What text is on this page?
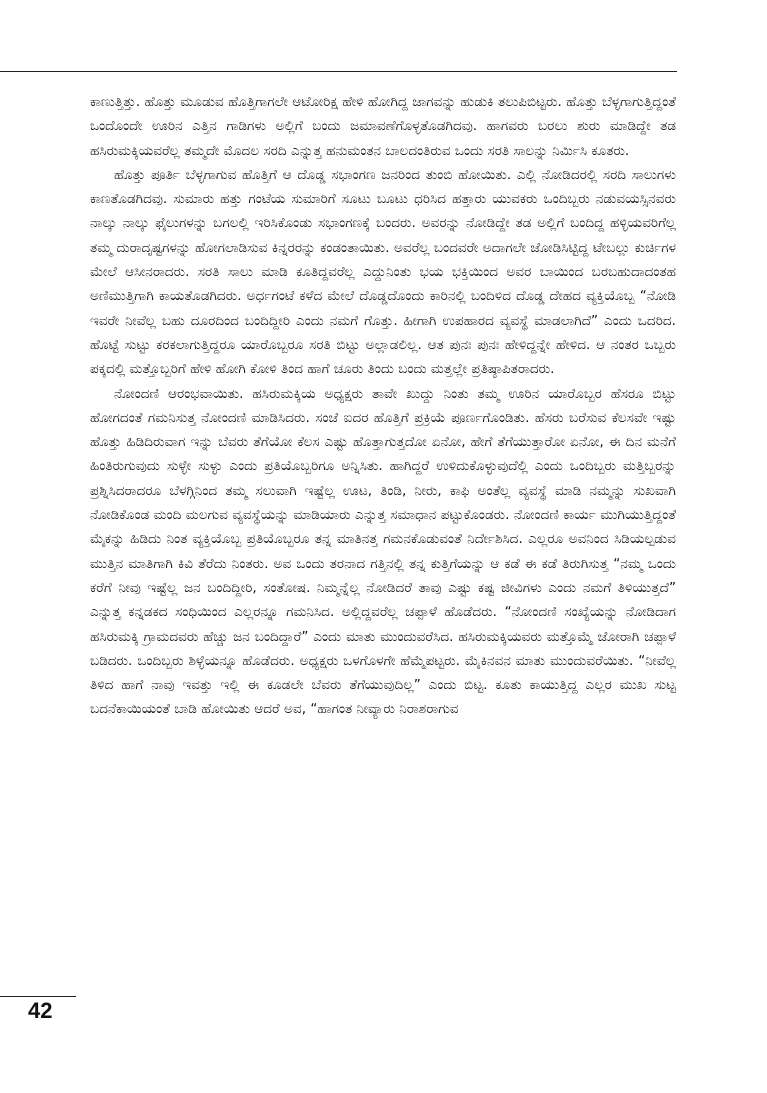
ಕಾಣುತ್ತಿತ್ತು. ಹೊತ್ತು ಮೂಡುವ ಹೊತ್ತಿಗಾಗಲೇ ಆಟೋರಿಕ್ಷ ಹೇಳಿ ಹೋಗಿದ್ದ ಜಾಗವನ್ನು ಹುಡುಕಿ ತಲುಪಿಬಿಟ್ಟರು. ಹೊತ್ತು ಬೆಳ್ಳಗಾಗುತ್ತಿದ್ದಂತೆ ಒಂದೊಂದೇ ಊರಿನ ಎತ್ತಿನ ಗಾಡಿಗಳು ಅಲ್ಲಿಗೆ ಬಂದು ಜಮಾವಣೆಗೊಳ್ಳತೊಡಗಿದವು. ಹಾಗವರು ಬರಲು ಶುರು ಮಾಡಿದ್ದೇ ತಡ ಹಸಿರುಮಕ್ಕಿಯವರೆಲ್ಲ ತಮ್ಮದೇ ಮೊದಲ ಸರದಿ ಎನ್ನುತ್ತ ಹನುಮಂತನ ಬಾಲದಂತಿರುವ ಒಂದು ಸರತಿ ಸಾಲನ್ನು ನಿರ್ಮಿಸಿ ಕೂತರು.

ಹೊತ್ತು ಪೂರ್ತಿ ಬೆಳ್ಳಗಾಗುವ ಹೊತ್ತಿಗೆ ಆ ದೊಡ್ಡ ಸಭಾಂಗಣ ಜನರಿಂದ ತುಂಬಿ ಹೋಯಿತು. ಎಲ್ಲಿ ನೋಡಿದರಲ್ಲಿ ಸರದಿ ಸಾಲುಗಳು ಕಾಣತೊಡಗಿದವು. ಸುಮಾರು ಹತ್ತು ಗಂಟೆಯ ಸುಮಾರಿಗೆ ಸೂಟು ಬೂಟು ಧರಿಸಿದ ಹತ್ತಾರು ಯುವಕರು ಒಂದಿಬ್ಬರು ನಡುವಯಸ್ಸಿನವರು ನಾಲ್ಕು ನಾಲ್ಕು ಫೈಲುಗಳನ್ನು ಬಗಲಲ್ಲಿ ಇರಿಸಿಕೊಂಡು ಸಭಾಂಗಣಕ್ಕೆ ಬಂದರು. ಅವರನ್ನು ನೋಡಿದ್ದೇ ತಡ ಅಲ್ಲಿಗೆ ಬಂದಿದ್ದ ಹಳ್ಳಿಯವರಿಗೆಲ್ಲ ತಮ್ಮ ದುರಾದೃಷ್ಟಗಳನ್ನು ಹೋಗಲಾಡಿಸುವ ಕಿನ್ನರರನ್ನು ಕಂಡಂತಾಯಿತು. ಅವರೆಲ್ಲ ಬಂದವರೇ ಅದಾಗಲೇ ಜೋಡಿಸಿಟ್ಟಿದ್ದ ಟೇಬಲ್ಲು ಕುರ್ಚಿಗಳ ಮೇಲೆ ಆಸೀನರಾದರು. ಸರತಿ ಸಾಲು ಮಾಡಿ ಕೂತಿದ್ದವರೆಲ್ಲ ಎದ್ದುನಿಂತು ಭಯ ಭಕ್ತಿಯಿಂದ ಅವರ ಬಾಯಿಂದ ಬರಬಹುದಾದಂತಹ ಅಣಿಮುತ್ತಿಗಾಗಿ ಕಾಯತೊಡಗಿದರು. ಅರ್ಧಗಂಟೆ ಕಳೆದ ಮೇಲೆ ದೊಡ್ಡದೊಂದು ಕಾರಿನಲ್ಲಿ ಬಂದಿಳಿದ ದೊಡ್ಡ ದೇಹದ ವ್ಯಕ್ತಿಯೊಬ್ಬ “ನೋಡಿ ಇವರೇ ನೀವೆಲ್ಲ ಬಹು ದೂರದಿಂದ ಬಂದಿದ್ದೀರಿ ಎಂದು ನಮಗೆ ಗೊತ್ತು. ಹೀಗಾಗಿ ಉಪಹಾರದ ವ್ಯವಸ್ಥೆ ಮಾಡಲಾಗಿದೆ” ಎಂದು ಒದರಿದ. ಹೊಟ್ಟೆ ಸುಟ್ಟು ಕರಕಲಾಗುತ್ತಿದ್ದರೂ ಯಾರೊಬ್ಬರೂ ಸರತಿ ಬಿಟ್ಟು ಅಲ್ಲಾಡಲಿಲ್ಲ. ಆತ ಪುನಃ ಪುನಃ ಹೇಳಿದ್ದನ್ನೇ ಹೇಳಿದ. ಆ ನಂತರ ಒಬ್ಬರು ಪಕ್ಕದಲ್ಲಿ ಮತ್ತೊಬ್ಬರಿಗೆ ಹೇಳಿ ಹೋಗಿ ಕೋಳಿ ತಿಂದ ಹಾಗೆ ಚೂರು ತಿಂದು ಬಂದು ಮತ್ತಲ್ಲೇ ಪ್ರತಿಷ್ಠಾಪಿತರಾದರು.

ನೋಂದಣಿ ಆರಂಭವಾಯಿತು. ಹಸಿರುಮಕ್ಕಿಯ ಅಧ್ಯಕ್ಷರು ತಾವೇ ಖುದ್ದು ನಿಂತು ತಮ್ಮ ಊರಿನ ಯಾರೊಬ್ಬರ ಹೆಸರೂ ಬಿಟ್ಟು ಹೋಗದಂತೆ ಗಮನಿಸುತ್ತ ನೋಂದಣಿ ಮಾಡಿಸಿದರು. ಸಂಜೆ ಐದರ ಹೊತ್ತಿಗೆ ಪ್ರಕ್ರಿಯೆ ಪೂರ್ಣಗೊಂಡಿತು. ಹೆಸರು ಬರೆಸುವ ಕೆಲಸವೇ ಇಷ್ಟು ಹೊತ್ತು ಹಿಡಿದಿರುವಾಗ ಇನ್ನು ಬೆವರು ತೆಗೆಯೋ ಕೆಲಸ ಎಷ್ಟು ಹೊತ್ತಾಗುತ್ತದೋ ಏನೋ, ಹೇಗೆ ತೆಗೆಯುತ್ತಾರೋ ಏನೋ, ಈ ದಿನ ಮನೆಗೆ ಹಿಂತಿರುಗುವುದು ಸುಳ್ಳೇ ಸುಳ್ಳು ಎಂದು ಪ್ರತಿಯೊಬ್ಬರಿಗೂ ಅನ್ನಿಸಿತು. ಹಾಗಿದ್ದರೆ ಉಳಿದುಕೊಳ್ಳುವುದೆಲ್ಲಿ ಎಂದು ಒಂದಿಬ್ಬರು ಮತ್ತಿಬ್ಬರನ್ನು ಪ್ರಶ್ನಿಸಿದರಾದರೂ ಬೆಳಗ್ಗಿನಿಂದ ತಮ್ಮ ಸಲುವಾಗಿ ಇಷ್ಟೆಲ್ಲ ಊಟ, ತಿಂಡಿ, ನೀರು, ಕಾಫಿ ಅಂತೆಲ್ಲ ವ್ಯವಸ್ಥೆ ಮಾಡಿ ನಮ್ಮನ್ನು ಸುಖವಾಗಿ ನೋಡಿಕೊಂಡ ಮಂದಿ ಮಲಗುವ ವ್ಯವಸ್ಥೆಯನ್ನು ಮಾಡಿಯಾರು ಎನ್ನುತ್ತ ಸಮಾಧಾನ ಪಟ್ಟುಕೊಂಡರು. ನೋಂದಣಿ ಕಾರ್ಯ ಮುಗಿಯುತ್ತಿದ್ದಂತೆ ಮೈಕನ್ನು ಹಿಡಿದು ನಿಂತ ವ್ಯಕ್ತಿಯೊಬ್ಬ ಪ್ರತಿಯೊಬ್ಬರೂ ತನ್ನ ಮಾತಿನತ್ತ ಗಮನಕೊಡುವಂತೆ ನಿರ್ದೇಶಿಸಿದ. ಎಲ್ಲರೂ ಅವನಿಂದ ಸಿಡಿಯಲ್ಪಡುವ ಮುತ್ತಿನ ಮಾತಿಗಾಗಿ ಕಿವಿ ತೆರೆದು ನಿಂತರು. ಅವ ಒಂದು ತರನಾದ ಗತ್ತಿನಲ್ಲಿ ತನ್ನ ಕುತ್ತಿಗೆಯನ್ನು ಆ ಕಡೆ ಈ ಕಡೆ ತಿರುಗಿಸುತ್ತ “ನಮ್ಮ ಒಂದು ಕರೆಗೆ ನೀವು ಇಷ್ಟೆಲ್ಲ ಜನ ಬಂದಿದ್ದೀರಿ, ಸಂತೋಷ. ನಿಮ್ಮನ್ನೆಲ್ಲ ನೋಡಿದರೆ ತಾವು ಎಷ್ಟು ಕಷ್ಟ ಜೀವಿಗಳು ಎಂದು ನಮಗೆ ತಿಳಿಯುತ್ತದೆ” ಎನ್ನುತ್ತ ಕನ್ನಡಕದ ಸಂಧಿಯಿಂದ ಎಲ್ಲರನ್ನೂ ಗಮನಿಸಿದ. ಅಲ್ಲಿದ್ದವರೆಲ್ಲ ಚಪ್ಪಾಳೆ ಹೊಡೆದರು. “ನೋಂದಣಿ ಸಂಖ್ಯೆಯನ್ನು ನೋಡಿದಾಗ ಹಸಿರುಮಕ್ಕಿ ಗ್ರಾಮದವರು ಹೆಚ್ಚು ಜನ ಬಂದಿದ್ದಾರೆ” ಎಂದು ಮಾತು ಮುಂದುವರೆಸಿದ. ಹಸಿರುಮಕ್ಕಿಯವರು ಮತ್ತೊಮ್ಮೆ ಜೋರಾಗಿ ಚಪ್ಪಾಳೆ ಬಡಿದರು. ಒಂದಿಬ್ಬರು ಶಿಳ್ಳೆಯನ್ನೂ ಹೊಡೆದರು. ಅಧ್ಯಕ್ಷರು ಒಳಗೊಳಗೇ ಹೆಮ್ಮೆಪಟ್ಟರು. ಮೈಕಿನವನ ಮಾತು ಮುಂದುವರೆಯಿತು. “ನೀವೆಲ್ಲ ತಿಳಿದ ಹಾಗೆ ನಾವು ಇವತ್ತು ಇಲ್ಲಿ ಈ ಕೂಡಲೇ ಬೆವರು ತೆಗೆಯುವುದಿಲ್ಲ” ಎಂದು ಬಿಟ್ಟ. ಕೂತು ಕಾಯುತ್ತಿದ್ದ ಎಲ್ಲರ ಮುಖ ಸುಟ್ಟ ಬದನೆಕಾಯಿಯಂತೆ ಬಾಡಿ ಹೋಯಿತು ಆದರೆ ಅವ, “ಹಾಗಂತ ನೀವ್ಯಾರು ನಿರಾಶರಾಗುವ

42
